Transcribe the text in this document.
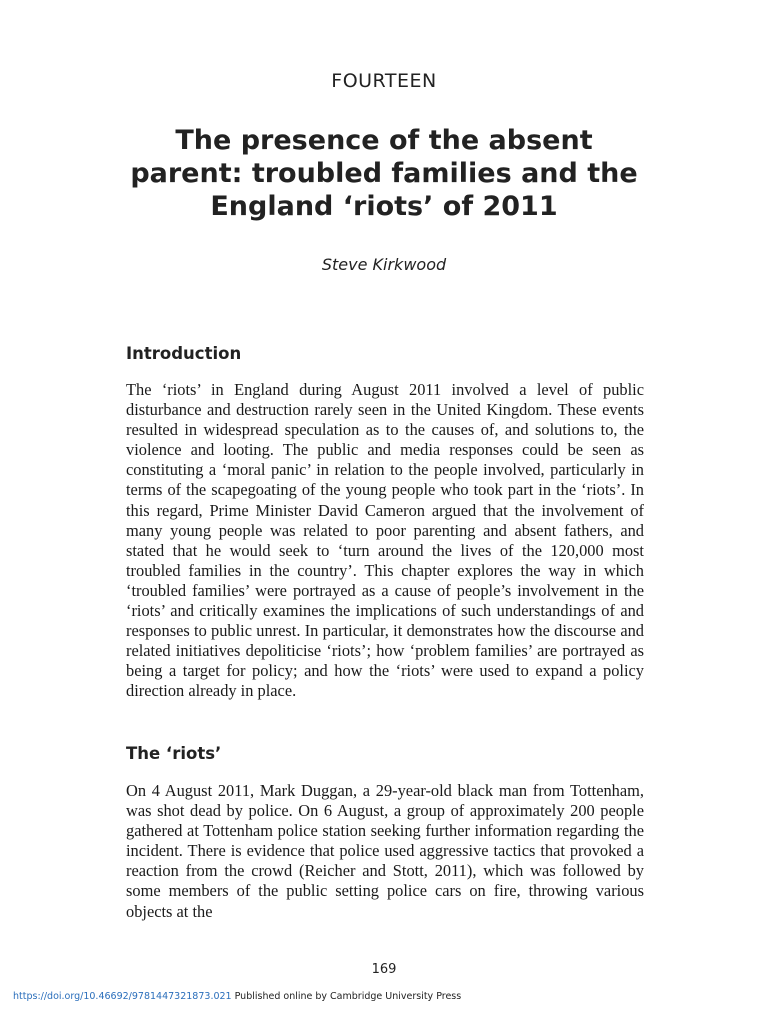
FOURTEEN
The presence of the absent parent: troubled families and the England ‘riots’ of 2011
Steve Kirkwood
Introduction

The ‘riots’ in England during August 2011 involved a level of public disturbance and destruction rarely seen in the United Kingdom. These events resulted in widespread speculation as to the causes of, and solutions to, the violence and looting. The public and media responses could be seen as constituting a ‘moral panic’ in relation to the people involved, particularly in terms of the scapegoating of the young people who took part in the ‘riots’. In this regard, Prime Minister David Cameron argued that the involvement of many young people was related to poor parenting and absent fathers, and stated that he would seek to ‘turn around the lives of the 120,000 most troubled families in the country’. This chapter explores the way in which ‘troubled families’ were portrayed as a cause of people’s involvement in the ‘riots’ and critically examines the implications of such understandings of and responses to public unrest. In particular, it demonstrates how the discourse and related initiatives depoliticise ‘riots’; how ‘problem families’ are portrayed as being a target for policy; and how the ‘riots’ were used to expand a policy direction already in place.

The ‘riots’

On 4 August 2011, Mark Duggan, a 29-year-old black man from Tottenham, was shot dead by police. On 6 August, a group of approximately 200 people gathered at Tottenham police station seeking further information regarding the incident. There is evidence that police used aggressive tactics that provoked a reaction from the crowd (Reicher and Stott, 2011), which was followed by some members of the public setting police cars on fire, throwing various objects at the

169
https://doi.org/10.46692/9781447321873.021 Published online by Cambridge University Press
